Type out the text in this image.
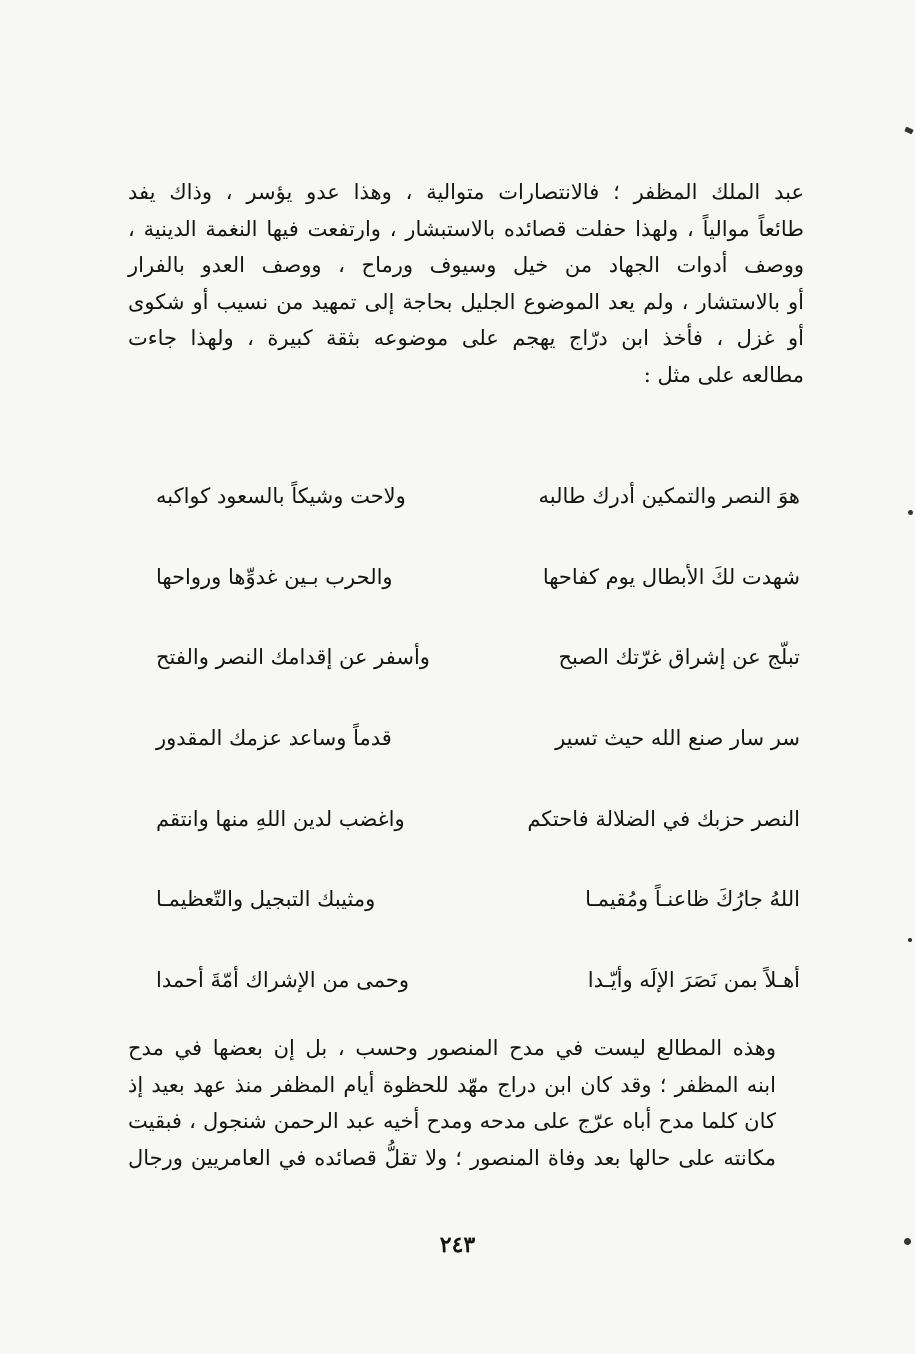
عبد الملك المظفر ؛ فالانتصارات متوالية ، وهذا عدو يؤسر ، وذاك يفد
طائعاً موالياً ، ولهذا حفلت قصائده بالاستبشار ، وارتفعت فيها النغمة الدينية ،
ووصف أدوات الجهاد من خيل وسيوف ورماح ، ووصف العدو بالفرار
أو بالاستشار ، ولم يعد الموضوع الجليل بحاجة إلى تمهيد من نسيب أو شكوى
أو غزل ، فأخذ ابن درّاج يهجم على موضوعه بثقة كبيرة ، ولهذا جاءت
مطالعه على مثل :

هوَ النصر والتمكين أدرك طالبه
ولاحت وشيكاً بالسعود كواكبه
شهدت لكَ الأبطال يوم كفاحها
والحرب بـين غدوِّها ورواحها
تبلّج عن إشراق غرّتك الصبح
وأسفر عن إقدامك النصر والفتح
سر سار صنع الله حيث تسير
قدماً وساعد عزمك المقدور
النصر حزبك في الضلالة فاحتكم
واغضب لدين اللهِ منها وانتقم
اللهُ جارُكَ ظاعنـاً ومُقيمـا
ومثيبك التبجيل والتّعظيمـا
أهـلاً بمن نَصَرَ الإلَه وأيّـدا
وحمى من الإشراك أمّةَ أحمدا

وهذه المطالع ليست في مدح المنصور وحسب ، بل إن بعضها في مدح
ابنه المظفر ؛ وقد كان ابن دراج مهّد للحظوة أيام المظفر منذ عهد بعيد إذ
كان كلما مدح أباه عرّج على مدحه ومدح أخيه عبد الرحمن شنجول ، فبقيت
مكانته على حالها بعد وفاة المنصور ؛ ولا تقلُّ قصائده في العامريين ورجال

٢٤٣
